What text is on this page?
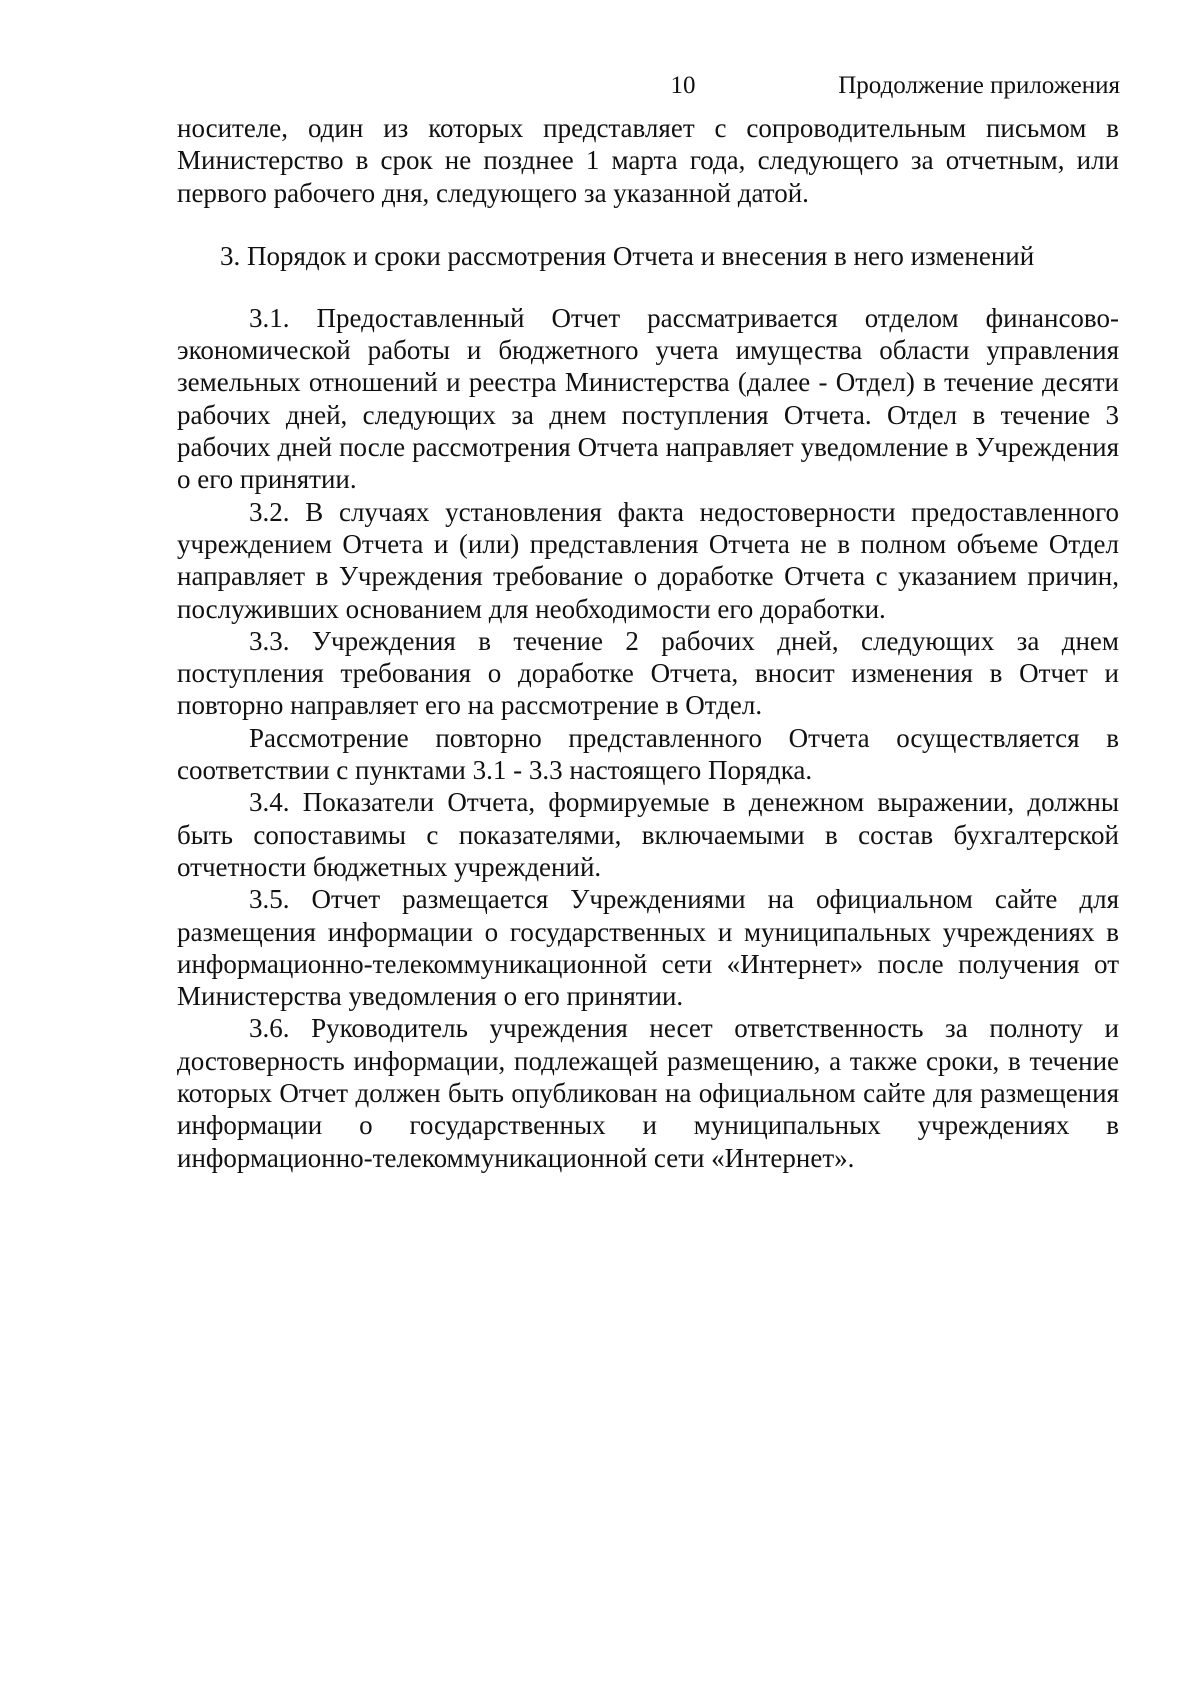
10	Продолжение приложения

носителе, один из которых представляет с сопроводительным письмом в Министерство в срок не позднее 1 марта года, следующего за отчетным, или первого рабочего дня, следующего за указанной датой.

3. Порядок и сроки рассмотрения Отчета и внесения в него изменений

3.1. Предоставленный Отчет рассматривается отделом финансово-экономической работы и бюджетного учета имущества области управления земельных отношений и реестра Министерства (далее - Отдел) в течение десяти рабочих дней, следующих за днем поступления Отчета. Отдел в течение 3 рабочих дней после рассмотрения Отчета направляет уведомление в Учреждения о его принятии.

3.2. В случаях установления факта недостоверности предоставленного учреждением Отчета и (или) представления Отчета не в полном объеме Отдел направляет в Учреждения требование о доработке Отчета с указанием причин, послуживших основанием для необходимости его доработки.

3.3. Учреждения в течение 2 рабочих дней, следующих за днем поступления требования о доработке Отчета, вносит изменения в Отчет и повторно направляет его на рассмотрение в Отдел.

Рассмотрение повторно представленного Отчета осуществляется в соответствии с пунктами 3.1 - 3.3 настоящего Порядка.

3.4. Показатели Отчета, формируемые в денежном выражении, должны быть сопоставимы с показателями, включаемыми в состав бухгалтерской отчетности бюджетных учреждений.

3.5. Отчет размещается Учреждениями на официальном сайте для размещения информации о государственных и муниципальных учреждениях в информационно-телекоммуникационной сети «Интернет» после получения от Министерства уведомления о его принятии.

3.6. Руководитель учреждения несет ответственность за полноту и достоверность информации, подлежащей размещению, а также сроки, в течение которых Отчет должен быть опубликован на официальном сайте для размещения информации о государственных и муниципальных учреждениях в информационно-телекоммуникационной сети «Интернет».
